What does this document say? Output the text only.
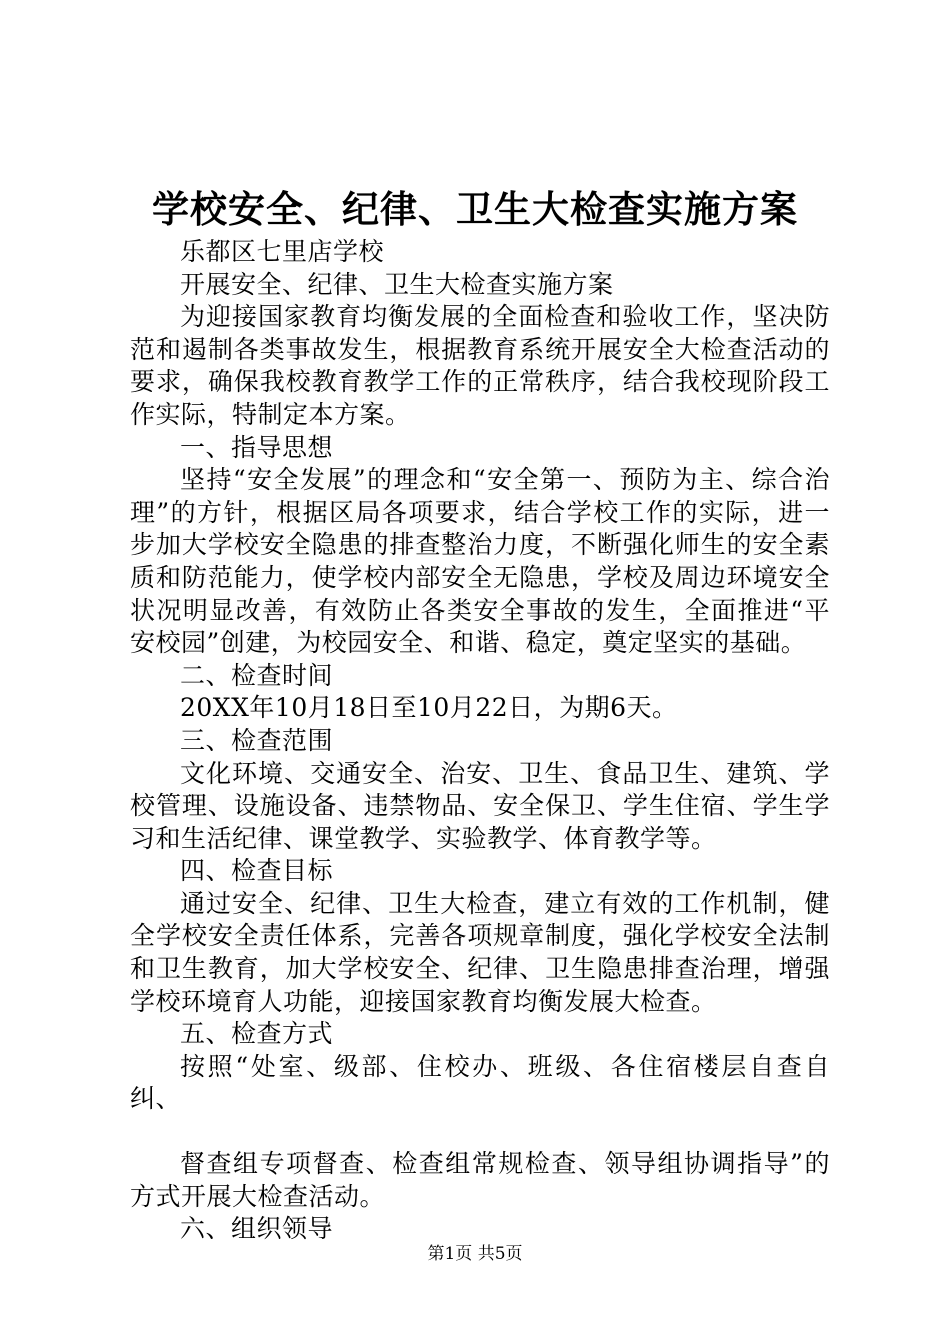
学校安全、纪律、卫生大检查实施方案

乐都区七里店学校

开展安全、纪律、卫生大检查实施方案

为迎接国家教育均衡发展的全面检查和验收工作，坚决防范和遏制各类事故发生，根据教育系统开展安全大检查活动的要求，确保我校教育教学工作的正常秩序，结合我校现阶段工作实际，特制定本方案。

一、指导思想

坚持“安全发展”的理念和“安全第一、预防为主、综合治理”的方针，根据区局各项要求，结合学校工作的实际，进一步加大学校安全隐患的排查整治力度，不断强化师生的安全素质和防范能力，使学校内部安全无隐患，学校及周边环境安全状况明显改善，有效防止各类安全事故的发生，全面推进“平安校园”创建，为校园安全、和谐、稳定，奠定坚实的基础。

二、检查时间

20XX年10月18日至10月22日，为期6天。

三、检查范围

文化环境、交通安全、治安、卫生、食品卫生、建筑、学校管理、设施设备、违禁物品、安全保卫、学生住宿、学生学习和生活纪律、课堂教学、实验教学、体育教学等。

四、检查目标

通过安全、纪律、卫生大检查，建立有效的工作机制，健全学校安全责任体系，完善各项规章制度，强化学校安全法制和卫生教育，加大学校安全、纪律、卫生隐患排查治理，增强学校环境育人功能，迎接国家教育均衡发展大检查。

五、检查方式

按照“处室、级部、住校办、班级、各住宿楼层自查自纠、

督查组专项督查、检查组常规检查、领导组协调指导”的方式开展大检查活动。

六、组织领导

第1页 共5页
